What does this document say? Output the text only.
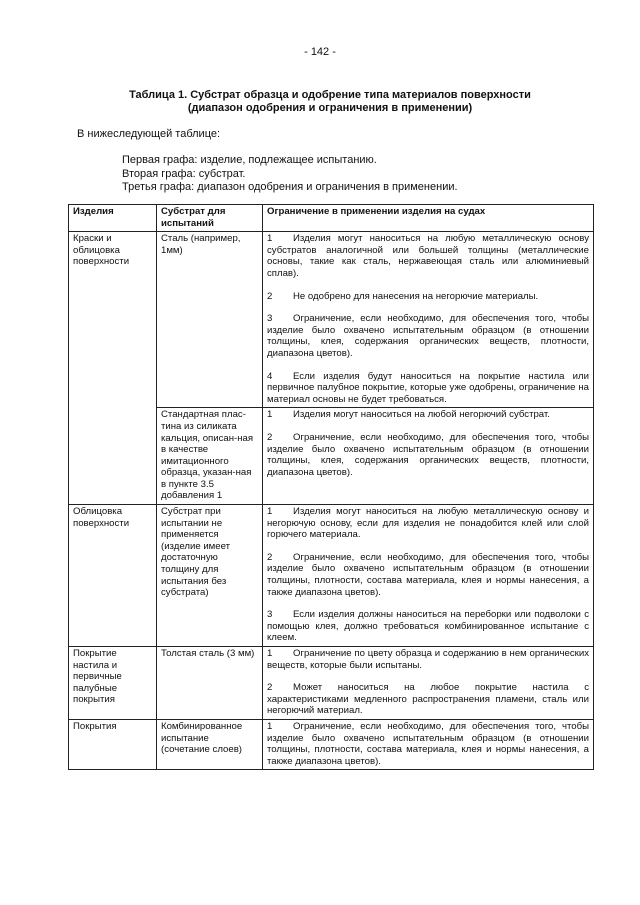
- 142 -
Таблица 1. Субстрат образца и одобрение типа материалов поверхности
(диапазон одобрения и ограничения в применении)
В нижеследующей таблице:
Первая графа: изделие, подлежащее испытанию.
Вторая графа: субстрат.
Третья графа: диапазон одобрения и ограничения в применении.
Изделия	Субстрат для испытаний	Ограничение в применении изделия на судах
Краски и облицовка поверхности	Сталь (например, 1мм)	1 Изделия могут наноситься на любую металлическую основу субстратов аналогичной или большей толщины (металлические основы, такие как сталь, нержавеющая сталь или алюминиевый сплав).

2 Не одобрено для нанесения на негорючие материалы.

3 Ограничение, если необходимо, для обеспечения того, чтобы изделие было охвачено испытательным образцом (в отношении толщины, клея, содержания органических веществ, плотности, диапазона цветов).

4 Если изделия будут наноситься на покрытие настила или первичное палубное покрытие, которые уже одобрены, ограничение на материал основы не будет требоваться.

	Стандартная плас-тина из силиката кальция, описан-ная в качестве имитационного образца, указан-ная в пункте 3.5 добавления 1	1 Изделия могут наноситься на любой негорючий субстрат.

2 Ограничение, если необходимо, для обеспечения того, чтобы изделие было охвачено испытательным образцом (в отношении толщины, клея, содержания органических веществ, плотности, диапазона цветов).

Облицовка поверхности	Субстрат при испытании не применяется (изделие имеет достаточную толщину для испытания без субстрата)	1 Изделия могут наноситься на любую металлическую основу и негорючую основу, если для изделия не понадобится клей или слой горючего материала.

2 Ограничение, если необходимо, для обеспечения того, чтобы изделие было охвачено испытательным образцом (в отношении толщины, плотности, состава материала, клея и нормы нанесения, а также диапазона цветов).

3 Если изделия должны наноситься на переборки или подволоки с помощью клея, должно требоваться комбинированное испытание с клеем.

Покрытие настила и первичные палубные покрытия	Толстая сталь (3 мм)	1 Ограничение по цвету образца и содержанию в нем органических веществ, которые были испытаны.

2 Может наноситься на любое покрытие настила с характеристиками медленного распространения пламени, сталь или негорючий материал.

Покрытия	Комбинированное испытание (сочетание слоев)	1 Ограничение, если необходимо, для обеспечения того, чтобы изделие было охвачено испытательным образцом (в отношении толщины, плотности, состава материала, клея и нормы нанесения, а также диапазона цветов).
